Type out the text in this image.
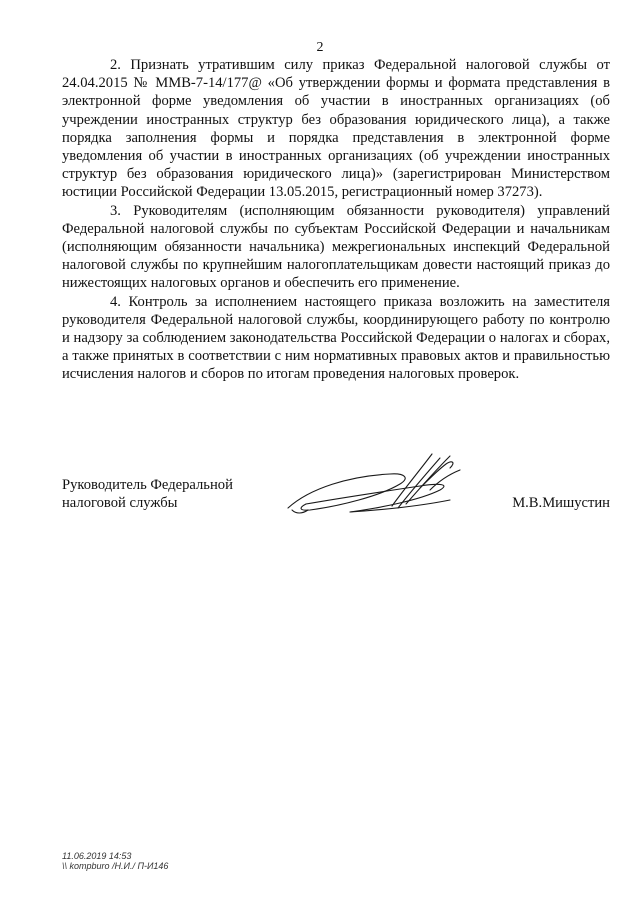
2

2. Признать утратившим силу приказ Федеральной налоговой службы от 24.04.2015 № ММВ-7-14/177@ «Об утверждении формы и формата представления в электронной форме уведомления об участии в иностранных организациях (об учреждении иностранных структур без образования юридического лица), а также порядка заполнения формы и порядка представления в электронной форме уведомления об участии в иностранных организациях (об учреждении иностранных структур без образования юридического лица)» (зарегистрирован Министерством юстиции Российской Федерации 13.05.2015, регистрационный номер 37273).

3. Руководителям (исполняющим обязанности руководителя) управлений Федеральной налоговой службы по субъектам Российской Федерации и начальникам (исполняющим обязанности начальника) межрегиональных инспекций Федеральной налоговой службы по крупнейшим налогоплательщикам довести настоящий приказ до нижестоящих налоговых органов и обеспечить его применение.

4. Контроль за исполнением настоящего приказа возложить на заместителя руководителя Федеральной налоговой службы, координирующего работу по контролю и надзору за соблюдением законодательства Российской Федерации о налогах и сборах, а также принятых в соответствии с ним нормативных правовых актов и правильностью исчисления налогов и сборов по итогам проведения налоговых проверок.

Руководитель Федеральной
налоговой службы	М.В.Мишустин
11.06.2019 14:53
\\ kompburo /Н.И./ П-И146
